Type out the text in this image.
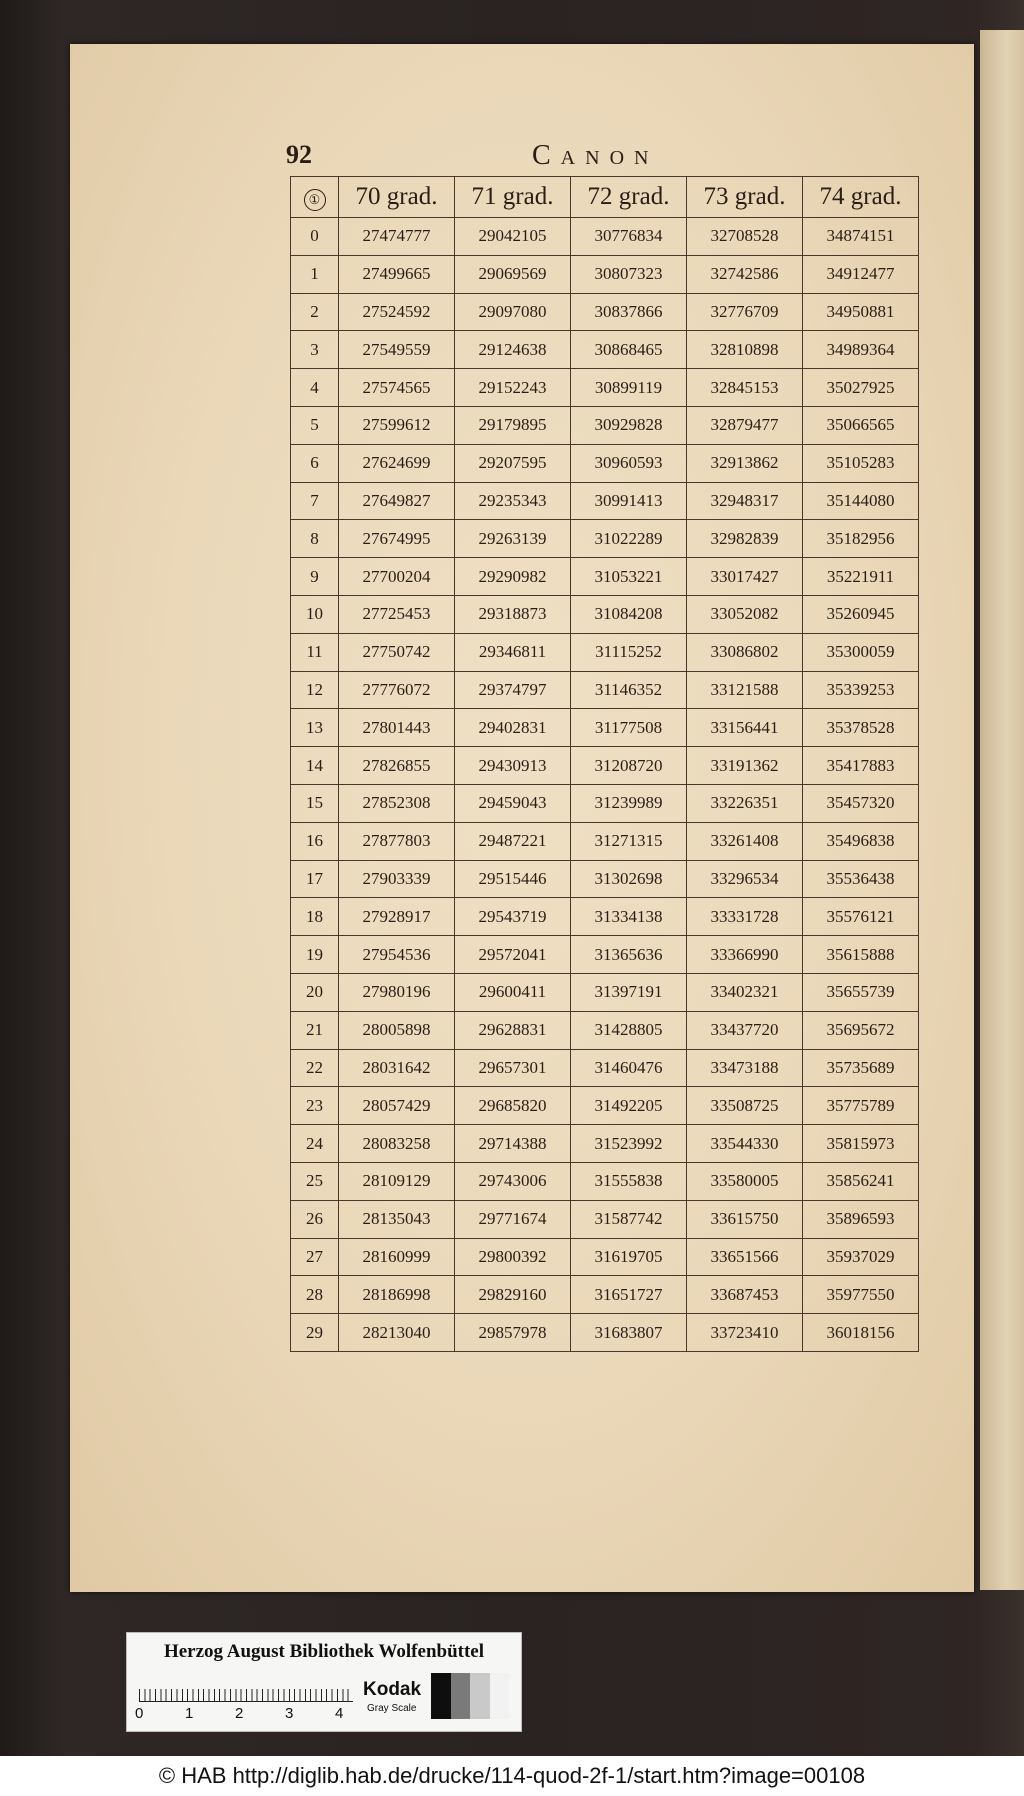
92	Canon
①	70 grad.	71 grad.	72 grad.	73 grad.	74 grad.
0	27474777	29042105	30776834	32708528	34874151
1	27499665	29069569	30807323	32742586	34912477
2	27524592	29097080	30837866	32776709	34950881
3	27549559	29124638	30868465	32810898	34989364
4	27574565	29152243	30899119	32845153	35027925
5	27599612	29179895	30929828	32879477	35066565
6	27624699	29207595	30960593	32913862	35105283
7	27649827	29235343	30991413	32948317	35144080
8	27674995	29263139	31022289	32982839	35182956
9	27700204	29290982	31053221	33017427	35221911
10	27725453	29318873	31084208	33052082	35260945
11	27750742	29346811	31115252	33086802	35300059
12	27776072	29374797	31146352	33121588	35339253
13	27801443	29402831	31177508	33156441	35378528
14	27826855	29430913	31208720	33191362	35417883
15	27852308	29459043	31239989	33226351	35457320
16	27877803	29487221	31271315	33261408	35496838
17	27903339	29515446	31302698	33296534	35536438
18	27928917	29543719	31334138	33331728	35576121
19	27954536	29572041	31365636	33366990	35615888
20	27980196	29600411	31397191	33402321	35655739
21	28005898	29628831	31428805	33437720	35695672
22	28031642	29657301	31460476	33473188	35735689
23	28057429	29685820	31492205	33508725	35775789
24	28083258	29714388	31523992	33544330	35815973
25	28109129	29743006	31555838	33580005	35856241
26	28135043	29771674	31587742	33615750	35896593
27	28160999	29800392	31619705	33651566	35937029
28	28186998	29829160	31651727	33687453	35977550
29	28213040	29857978	31683807	33723410	36018156
Herzog August Bibliothek Wolfenbüttel
0	1	2	3	4
Kodak
Gray Scale
© HAB http://diglib.hab.de/drucke/114-quod-2f-1/start.htm?image=00108
